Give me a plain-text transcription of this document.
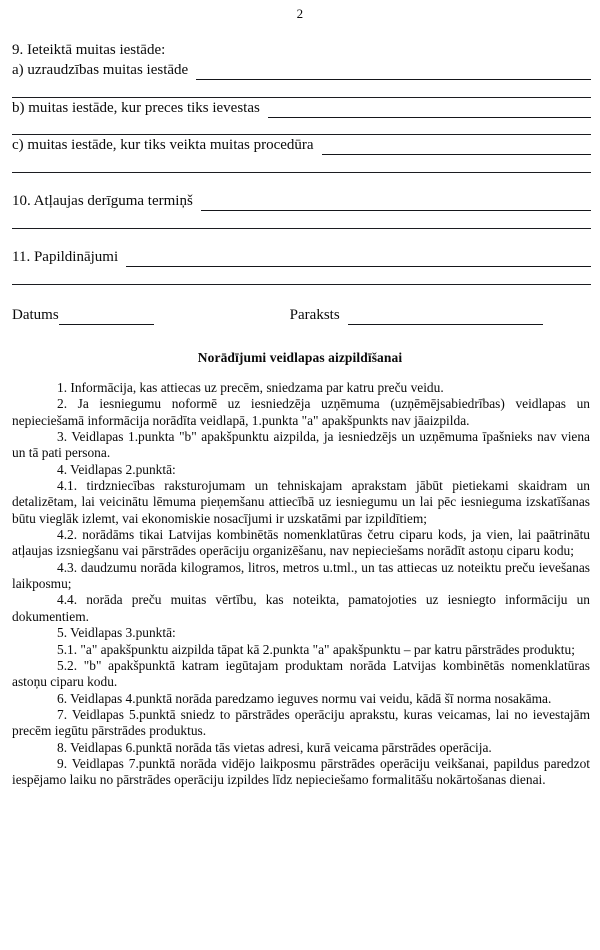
2
9. Ieteiktā muitas iestāde:
a) uzraudzības muitas iestāde
b) muitas iestāde, kur preces tiks ievestas
c) muitas iestāde, kur tiks veikta muitas procedūra
10. Atļaujas derīguma termiņš
11. Papildinājumi
Datums	Paraksts
Norādījumi veidlapas aizpildīšanai

1. Informācija, kas attiecas uz precēm, sniedzama par katru preču veidu.

2. Ja iesniegumu noformē uz iesniedzēja uzņēmuma (uzņēmējsabiedrības) veidlapas un nepieciešamā informācija norādīta veidlapā, 1.punkta "a" apakšpunkts nav jāaizpilda.

3. Veidlapas 1.punkta "b" apakšpunktu aizpilda, ja iesniedzējs un uzņēmuma īpašnieks nav viena un tā pati persona.

4. Veidlapas 2.punktā:

4.1. tirdzniecības raksturojumam un tehniskajam aprakstam jābūt pietiekami skaidram un detalizētam, lai veicinātu lēmuma pieņemšanu attiecībā uz iesniegumu un lai pēc iesnieguma izskatīšanas būtu vieglāk izlemt, vai ekonomiskie nosacījumi ir uzskatāmi par izpildītiem;

4.2. norādāms tikai Latvijas kombinētās nomenklatūras četru ciparu kods, ja vien, lai paātrinātu atļaujas izsniegšanu vai pārstrādes operāciju organizēšanu, nav nepieciešams norādīt astoņu ciparu kodu;

4.3. daudzumu norāda kilogramos, litros, metros u.tml., un tas attiecas uz noteiktu preču ievešanas laikposmu;

4.4. norāda preču muitas vērtību, kas noteikta, pamatojoties uz iesniegto informāciju un dokumentiem.

5. Veidlapas 3.punktā:

5.1. "a" apakšpunktu aizpilda tāpat kā 2.punkta "a" apakšpunktu – par katru pārstrādes produktu;

5.2. "b" apakšpunktā katram iegūtajam produktam norāda Latvijas kombinētās nomenklatūras astoņu ciparu kodu.

6. Veidlapas 4.punktā norāda paredzamo ieguves normu vai veidu, kādā šī norma nosakāma.

7. Veidlapas 5.punktā sniedz to pārstrādes operāciju aprakstu, kuras veicamas, lai no ievestajām precēm iegūtu pārstrādes produktus.

8. Veidlapas 6.punktā norāda tās vietas adresi, kurā veicama pārstrādes operācija.

9. Veidlapas 7.punktā norāda vidējo laikposmu pārstrādes operāciju veikšanai, papildus paredzot iespējamo laiku no pārstrādes operāciju izpildes līdz nepieciešamo formalitāšu nokārtošanas dienai.
